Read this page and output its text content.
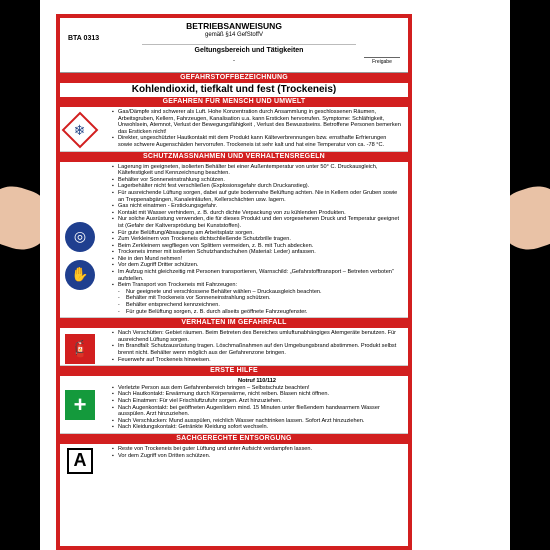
BTA 0313
BETRIEBSANWEISUNG
gemäß §14 GefStoffV
Geltungsbereich und Tätigkeiten
-	Freigabe
GEFAHRSTOFFBEZEICHNUNG
Kohlendioxid, tiefkalt und fest (Trockeneis)
GEFAHREN FÜR MENSCH UND UMWELT
❄
▪ Gas/Dämpfe sind schwerer als Luft. Hohe Konzentration durch Ansammlung in geschlossenen Räumen, Arbeitsgruben, Kellern, Fahrzeugen, Kanalisation u.a. kann Ersticken hervorrufen. Symptome: Schläfrigkeit, Unwohlsein, Atemnot, Verlust der Bewegungsfähigkeit , Verlust des Bewusstseins. Betroffene Personen bemerken das Ersticken nicht!
▪ Direkter, ungeschützter Hautkontakt mit dem Produkt kann Kälteverbrennungen bzw. ernsthafte Erfrierungen sowie schwere Augenschäden hervorrufen. Trockeneis ist sehr kalt und hat eine Temperatur von ca. -78 °C.
SCHUTZMASSNAHMEN UND VERHALTENSREGELN
◎
✋
▪ Lagerung im geeigneten, isolierten Behälter bei einer Außentemperatur von unter 50° C. Druckausgleich, Kältefestigkeit und Kennzeichnung beachten.
▪ Behälter vor Sonneneinstrahlung schützen.
▪ Lagerbehälter nicht fest verschließen (Explosionsgefahr durch Druckanstieg).
▪ Für ausreichende Lüftung sorgen, dabei auf gute bodennahe Belüftung achten. Nie in Kellern oder Gruben sowie an Treppenabgängen, Kanaleinläufen, Kellerschächten usw. lagern.
▪ Gas nicht einatmen - Erstickungsgefahr.
▪ Kontakt mit Wasser verhindern, z. B. durch dichte Verpackung von zu kühlenden Produkten.
▪ Nur solche Ausrüstung verwenden, die für dieses Produkt und den vorgesehenen Druck und Temperatur geeignet ist (Gefahr der Kaltversprödung bei Kunststoffen).
▪ Für gute Belüftung/Absaugung am Arbeitsplatz sorgen.
▪ Zum Verkleinern von Trockeneis dichtschließende Schutzbrille tragen.
▪ Beim Zerkleinern wegfliegen von Splittern vermeiden, z. B. mit Tuch abdecken.
▪ Trockeneis immer mit isolierten Schutzhandschuhen (Material: Leder) anfassen.
▪ Nie in den Mund nehmen!
▪ Vor dem Zugriff Dritter schützen.
▪ Im Aufzug nicht gleichzeitig mit Personen transportieren, Warnschild: „Gefahrstofftransport – Betreten verboten“ aufstellen.
▪ Beim Transport von Trockeneis mit Fahrzeugen:
- Nur geeignete und verschlossene Behälter wählen – Druckausgleich beachten.
- Behälter mit Trockeneis vor Sonneneinstrahlung schützen.
- Behälter entsprechend kennzeichnen.
- Für gute Belüftung sorgen, z. B. durch allseits geöffnete Fahrzeugfenster.
VERHALTEN IM GEFAHRFALL
🧯
▪ Nach Verschütten: Gebiet räumen. Beim Betreten des Bereiches umluftunabhängiges Atemgeräte benutzen. Für ausreichend Lüftung sorgen.
▪ Im Brandfall: Schutzausrüstung tragen. Löschmaßnahmen auf den Umgebungsbrand abstimmen. Produkt selbst brennt nicht. Behälter wenn möglich aus der Gefahrenzone bringen.
▪ Feuerwehr auf Trockeneis hinweisen.
ERSTE HILFE
+
Notruf 110/112
▪ Verletzte Person aus dem Gefahrenbereich bringen – Selbstschutz beachten!
▪ Nach Hautkontakt: Erwärmung durch Körperwärme, nicht reiben. Blasen nicht öffnen.
▪ Nach Einatmen: Für viel Frischluftzufuhr sorgen. Arzt hinzuziehen.
▪ Nach Augenkontakt: bei geöffneten Augenlidern mind. 15 Minuten unter fließendem handwarmem Wasser ausspülen. Arzt hinzuziehen.
▪ Nach Verschlucken: Mund ausspülen, reichlich Wasser nachtrinken lassen. Sofort Arzt hinzuziehen.
▪ Nach Kleidungskontakt: Getränkte Kleidung sofort wechseln.
SACHGERECHTE ENTSORGUNG
A
▪ Reste von Trockeneis bei guter Lüftung und unter Aufsicht verdampfen lassen.
▪ Vor dem Zugriff von Dritten schützen.
